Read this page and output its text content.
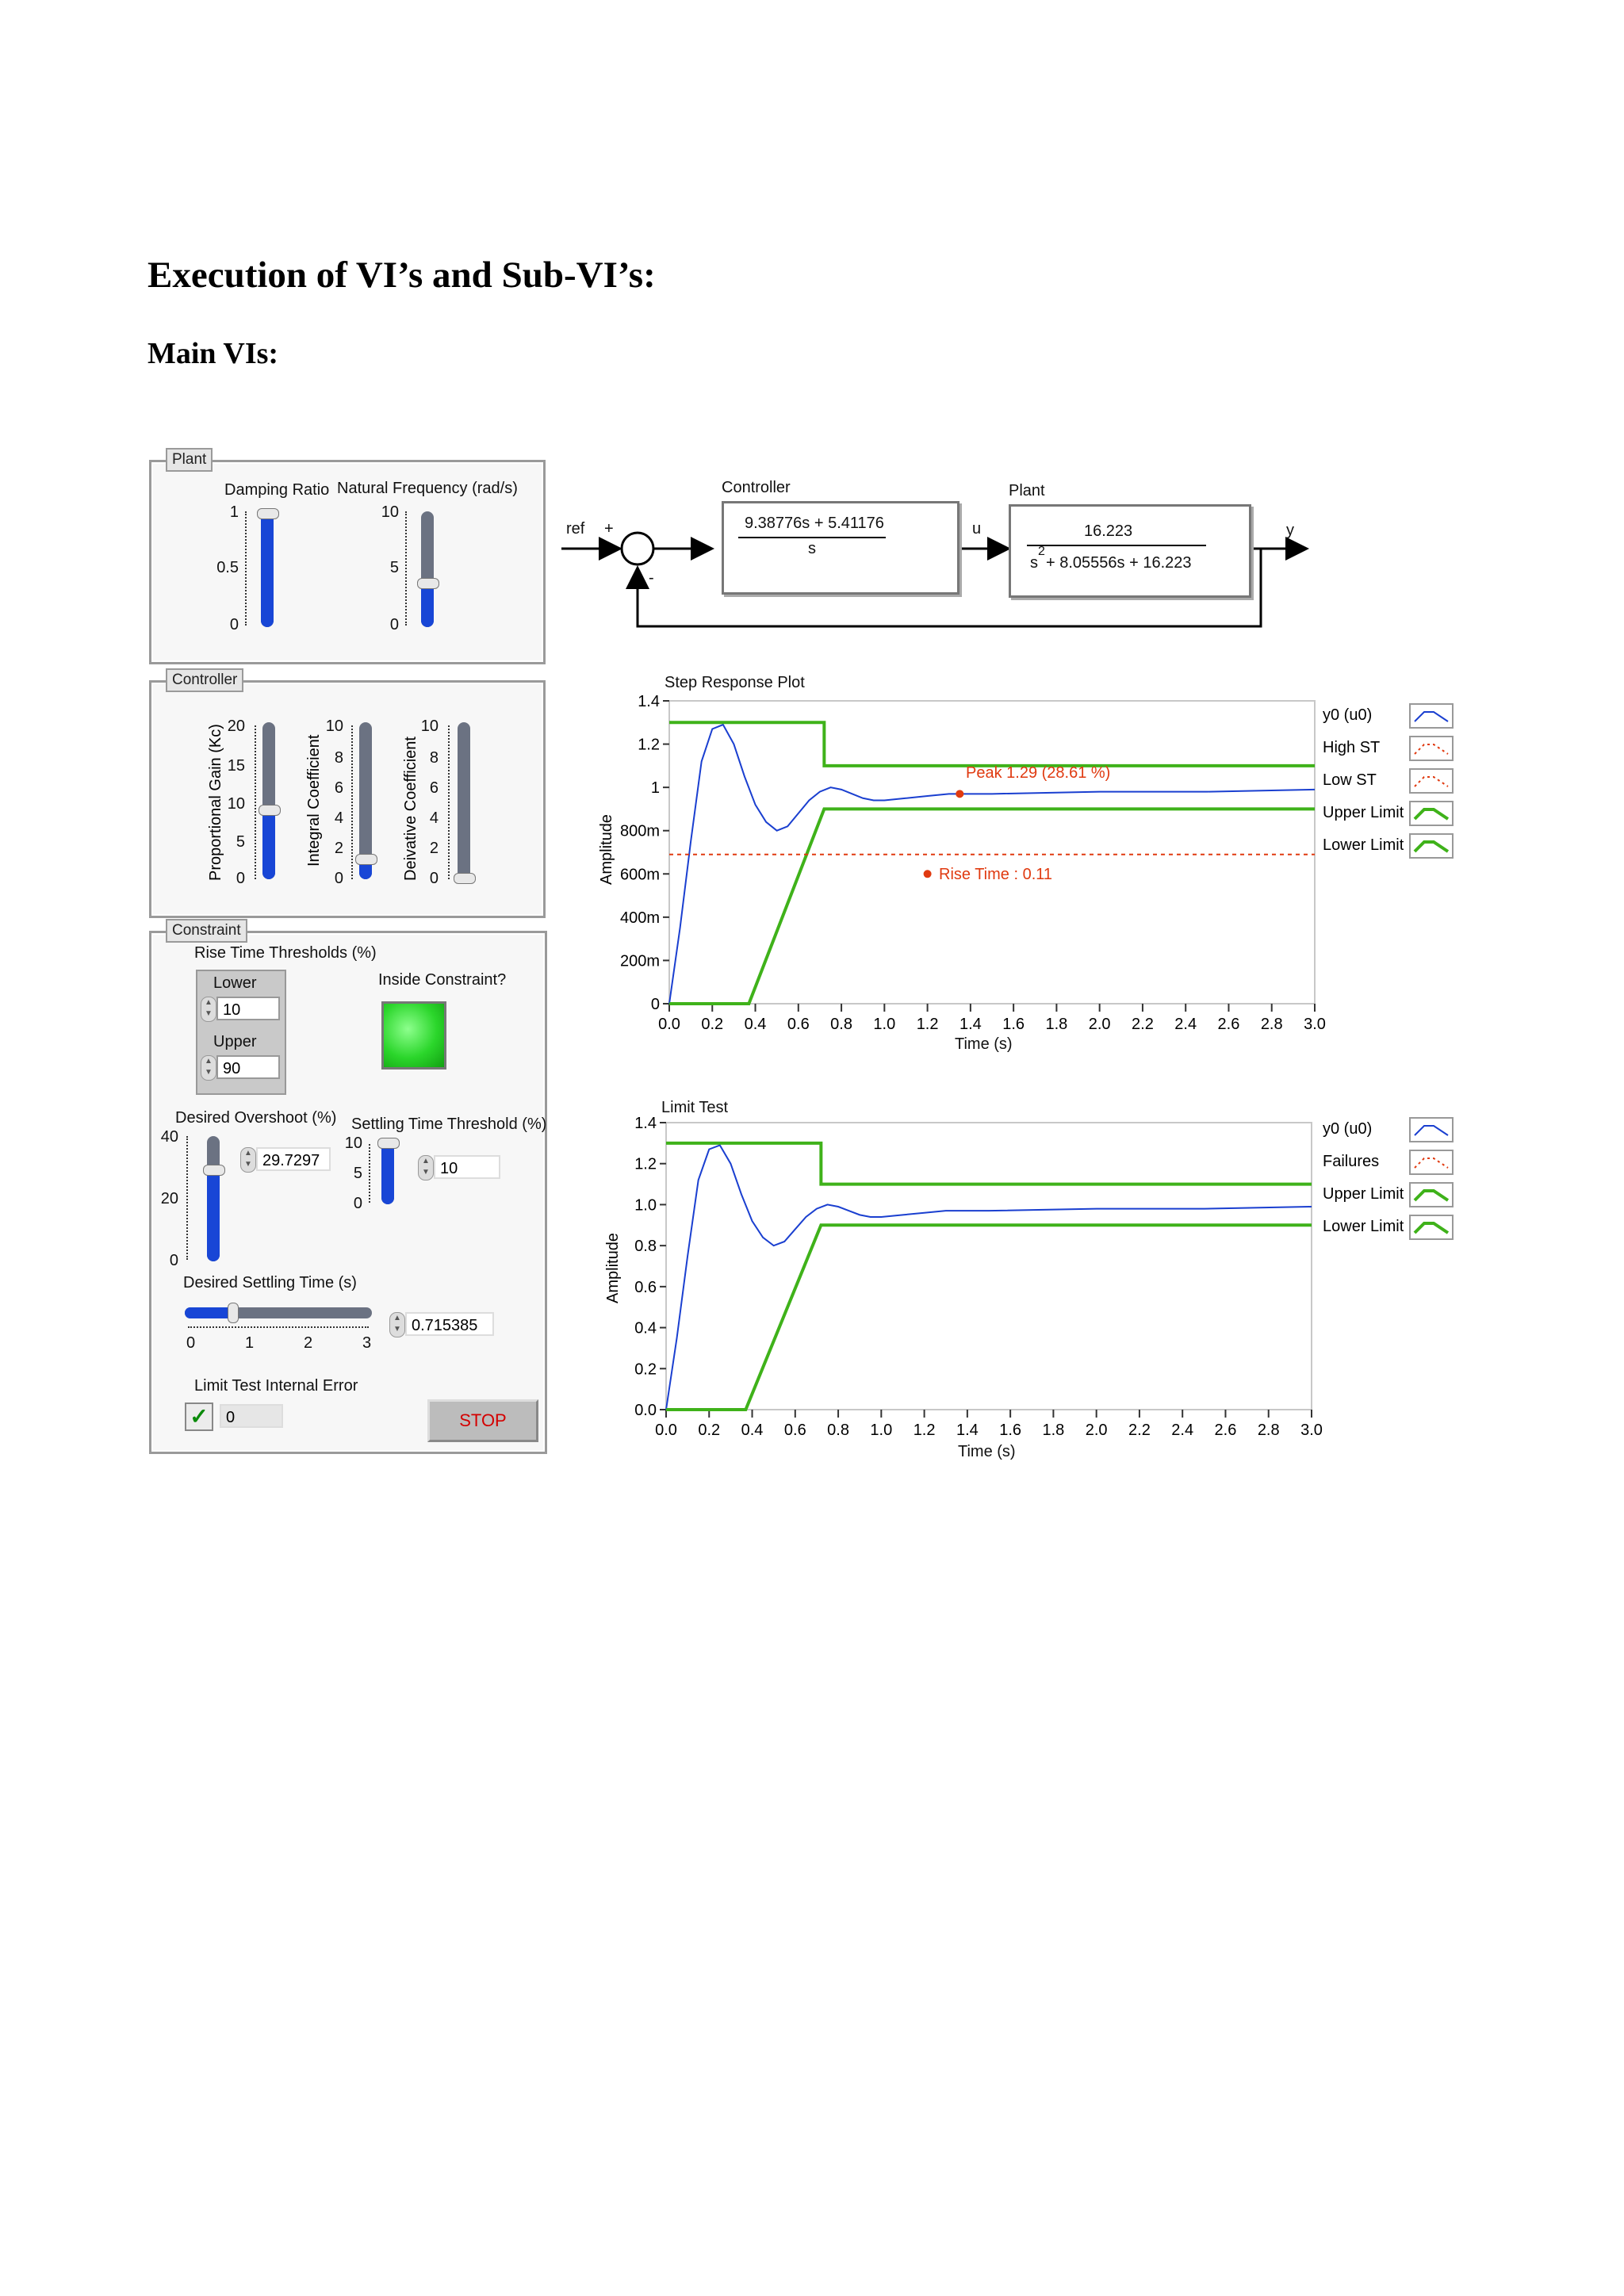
Execution of VI’s and Sub-VI’s:
Main VIs:
Plant
Damping Ratio Natural Frequency (rad/s)
1
0.5
0
10
5
0
Controller
Proportional Gain (Kc) 20
15
10
5
0
Integral Coefficient
10
8
6
4
2
0	Deivative Coefficient
10
8
6
4
2
0
Constraint
Rise Time Thresholds (%)
Lower
▲
▼ 10
Upper
▲
▼ 90
Inside Constraint?
Desired Overshoot (%)
40
20
0
▲
▼ 29.7297
Settling Time Threshold (%)
10
5
0
▲
▼ 10
Desired Settling Time (s)
0	1	2	3
▲
▼ 0.715385
Limit Test Internal Error
✓	0	STOP
ref +
-
Controller
9.38776s + 5.41176
s
u
Plant
16.223
s
2
+ 8.05556s + 16.223
y
Step Response Plot
Amplitude
Time (s)
1.4
1.2
1
800m
600m
400m
200m
0
0.0 0.2 0.4 0.6 0.8 1.0 1.2 1.4 1.6 1.8 2.0 2.2 2.4 2.6 2.8 3.0
y0 (u0)
High ST
Low ST
Upper Limit
Lower Limit
Peak 1.29 (28.61 %)
Rise Time : 0.11
Limit Test
Amplitude
Time (s)
1.4
1.2
1.0
0.8
0.6
0.4
0.2
0.0
0.0 0.2 0.4 0.6 0.8 1.0 1.2 1.4 1.6 1.8 2.0 2.2 2.4 2.6 2.8 3.0
y0 (u0)
Failures
Upper Limit
Lower Limit
